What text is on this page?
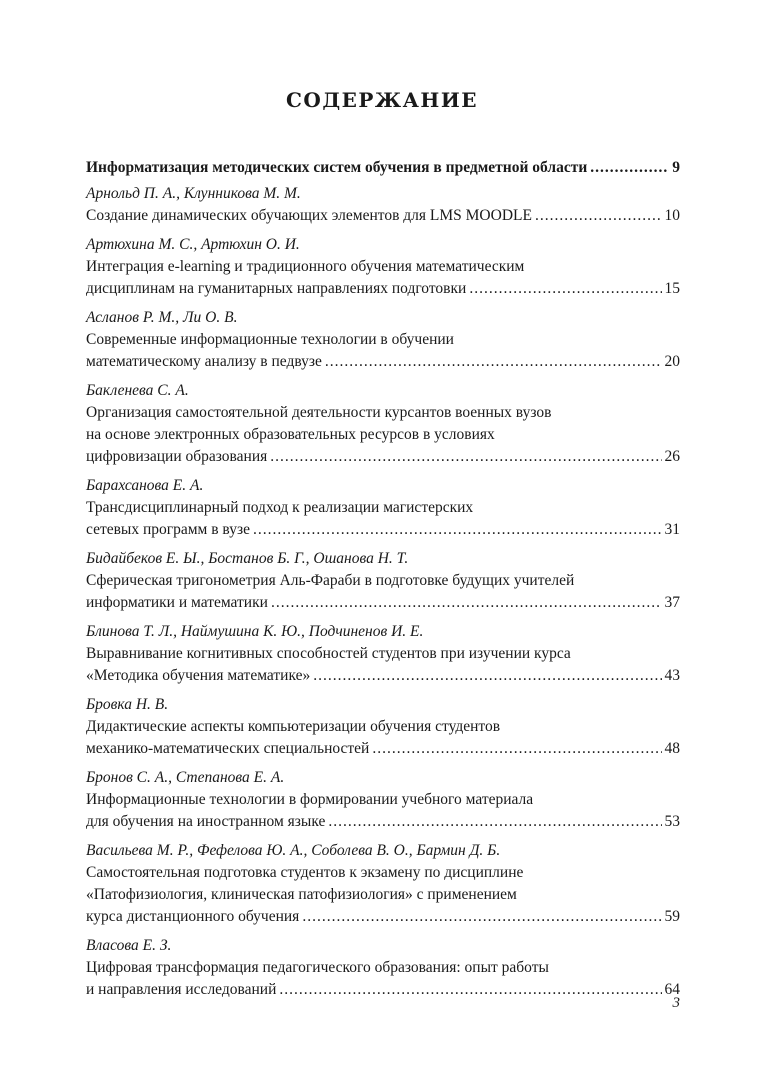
СОДЕРЖАНИЕ
Информатизация методических систем обучения в предметной области .....	9
Арнольд П. А., Клунникова М. М.
Создание динамических обучающих элементов для LMS MOODLE .....	10
Артюхина М. С., Артюхин О. И.
Интеграция e-learning и традиционного обучения математическим
дисциплинам на гуманитарных направлениях подготовки .....	15
Асланов Р. М., Ли О. В.
Современные информационные технологии в обучении
математическому анализу в педвузе .....	20
Бакленева С. А.
Организация самостоятельной деятельности курсантов военных вузов
на основе электронных образовательных ресурсов в условиях
цифровизации образования .....	26
Барахсанова Е. А.
Трансдисциплинарный подход к реализации магистерских
сетевых программ в вузе .....	31
Бидайбеков Е. Ы., Бостанов Б. Г., Ошанова Н. Т.
Сферическая тригонометрия Аль-Фараби в подготовке будущих учителей
информатики и математики .....	37
Блинова Т. Л., Наймушина К. Ю., Подчиненов И. Е.
Выравнивание когнитивных способностей студентов при изучении курса
«Методика обучения математике» .....	43
Бровка Н. В.
Дидактические аспекты компьютеризации обучения студентов
механико-математических специальностей .....	48
Бронов С. А., Степанова Е. А.
Информационные технологии в формировании учебного материала
для обучения на иностранном языке .....	53
Васильева М. Р., Фефелова Ю. А., Соболева В. О., Бармин Д. Б.
Самостоятельная подготовка студентов к экзамену по дисциплине
«Патофизиология, клиническая патофизиология» с применением
курса дистанционного обучения .....	59
Власова Е. З.
Цифровая трансформация педагогического образования: опыт работы
и направления исследований .....	64
3
